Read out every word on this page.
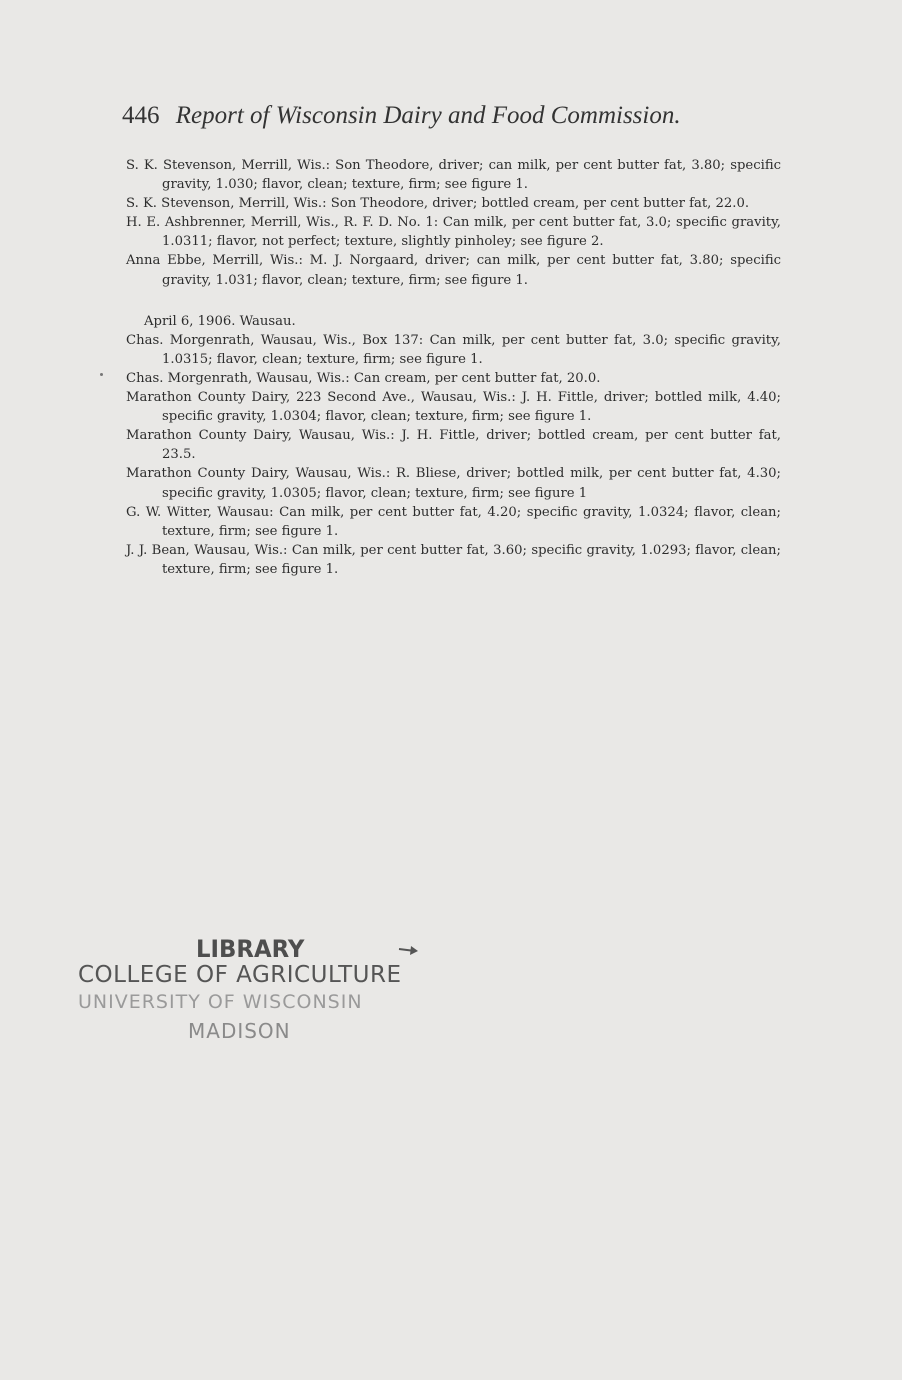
446 Report of Wisconsin Dairy and Food Commission.

S. K. Stevenson, Merrill, Wis.: Son Theodore, driver; can milk, per cent butter fat, 3.80; specific gravity, 1.030; flavor, clean; texture, firm; see figure 1.

S. K. Stevenson, Merrill, Wis.: Son Theodore, driver; bottled cream, per cent butter fat, 22.0.

H. E. Ashbrenner, Merrill, Wis., R. F. D. No. 1: Can milk, per cent butter fat, 3.0; specific gravity, 1.0311; flavor, not perfect; texture, slightly pinholey; see figure 2.

Anna Ebbe, Merrill, Wis.: M. J. Norgaard, driver; can milk, per cent butter fat, 3.80; specific gravity, 1.031; flavor, clean; texture, firm; see figure 1.

April 6, 1906. Wausau.

Chas. Morgenrath, Wausau, Wis., Box 137: Can milk, per cent butter fat, 3.0; specific gravity, 1.0315; flavor, clean; texture, firm; see figure 1.

Chas. Morgenrath, Wausau, Wis.: Can cream, per cent butter fat, 20.0.

Marathon County Dairy, 223 Second Ave., Wausau, Wis.: J. H. Fittle, driver; bottled milk, 4.40; specific gravity, 1.0304; flavor, clean; texture, firm; see figure 1.

Marathon County Dairy, Wausau, Wis.: J. H. Fittle, driver; bottled cream, per cent butter fat, 23.5.

Marathon County Dairy, Wausau, Wis.: R. Bliese, driver; bottled milk, per cent butter fat, 4.30; specific gravity, 1.0305; flavor, clean; texture, firm; see figure 1

G. W. Witter, Wausau: Can milk, per cent butter fat, 4.20; specific gravity, 1.0324; flavor, clean; texture, firm; see figure 1.

J. J. Bean, Wausau, Wis.: Can milk, per cent butter fat, 3.60; specific gravity, 1.0293; flavor, clean; texture, firm; see figure 1.

LIBRARY
COLLEGE OF AGRICULTURE
UNIVERSITY OF WISCONSIN
MADISON
